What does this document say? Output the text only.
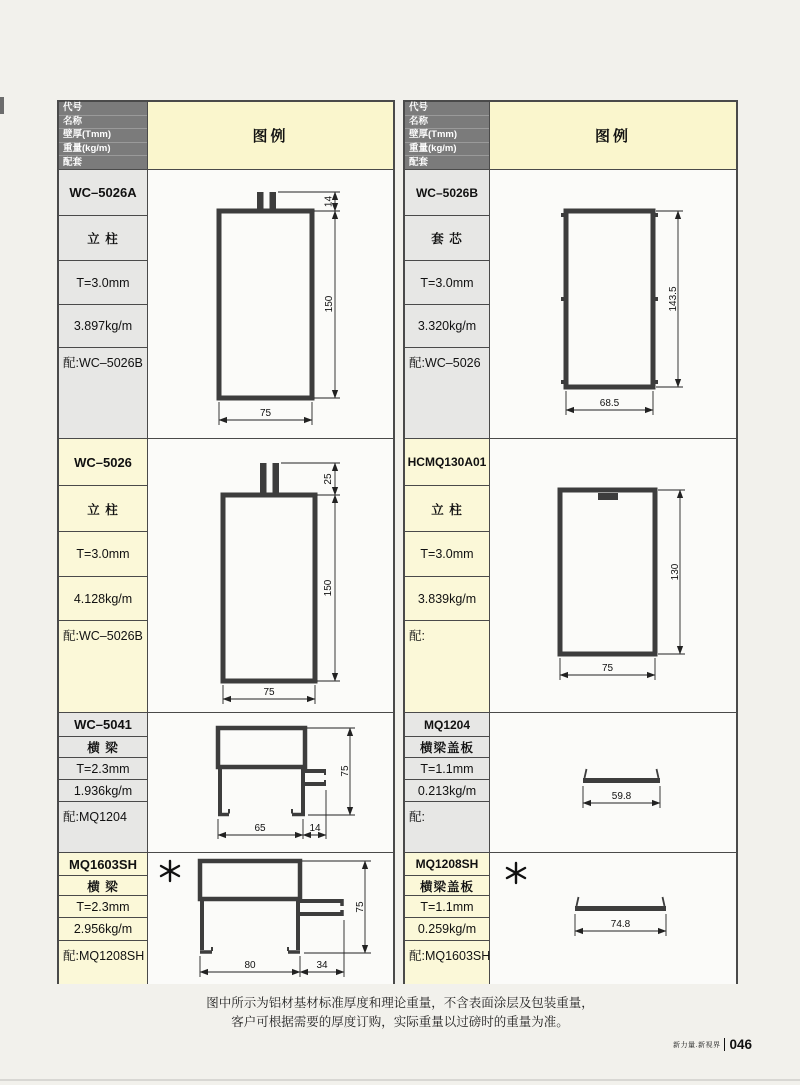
代号
名称
壁厚(Tmm)
重量(kg/m)
配套
图例
WC–5026A
立 柱
T=3.0mm
3.897kg/m
配:WC–5026B
14
150
75
WC–5026
立 柱
T=3.0mm
4.128kg/m
配:WC–5026B
25
150
75
WC–5041
横 梁
T=2.3mm
1.936kg/m
配:MQ1204
65	14
75
MQ1603SH
横 梁
T=2.3mm
2.956kg/m
配:MQ1208SH
80	34
75
代号
名称
壁厚(Tmm)
重量(kg/m)
配套
图例
WC–5026B
套 芯
T=3.0mm
3.320kg/m
配:WC–5026
143.5
68.5
HCMQ130A01
立 柱
T=3.0mm
3.839kg/m
配:
130
75
MQ1204
横梁盖板
T=1.1mm
0.213kg/m
配:
59.8
MQ1208SH
横梁盖板
T=1.1mm
0.259kg/m
配:MQ1603SH
74.8
图中所示为铝材基材标准厚度和理论重量，不含表面涂层及包装重量，
客户可根据需要的厚度订购，实际重量以过磅时的重量为准。
新力量.新视界 046
